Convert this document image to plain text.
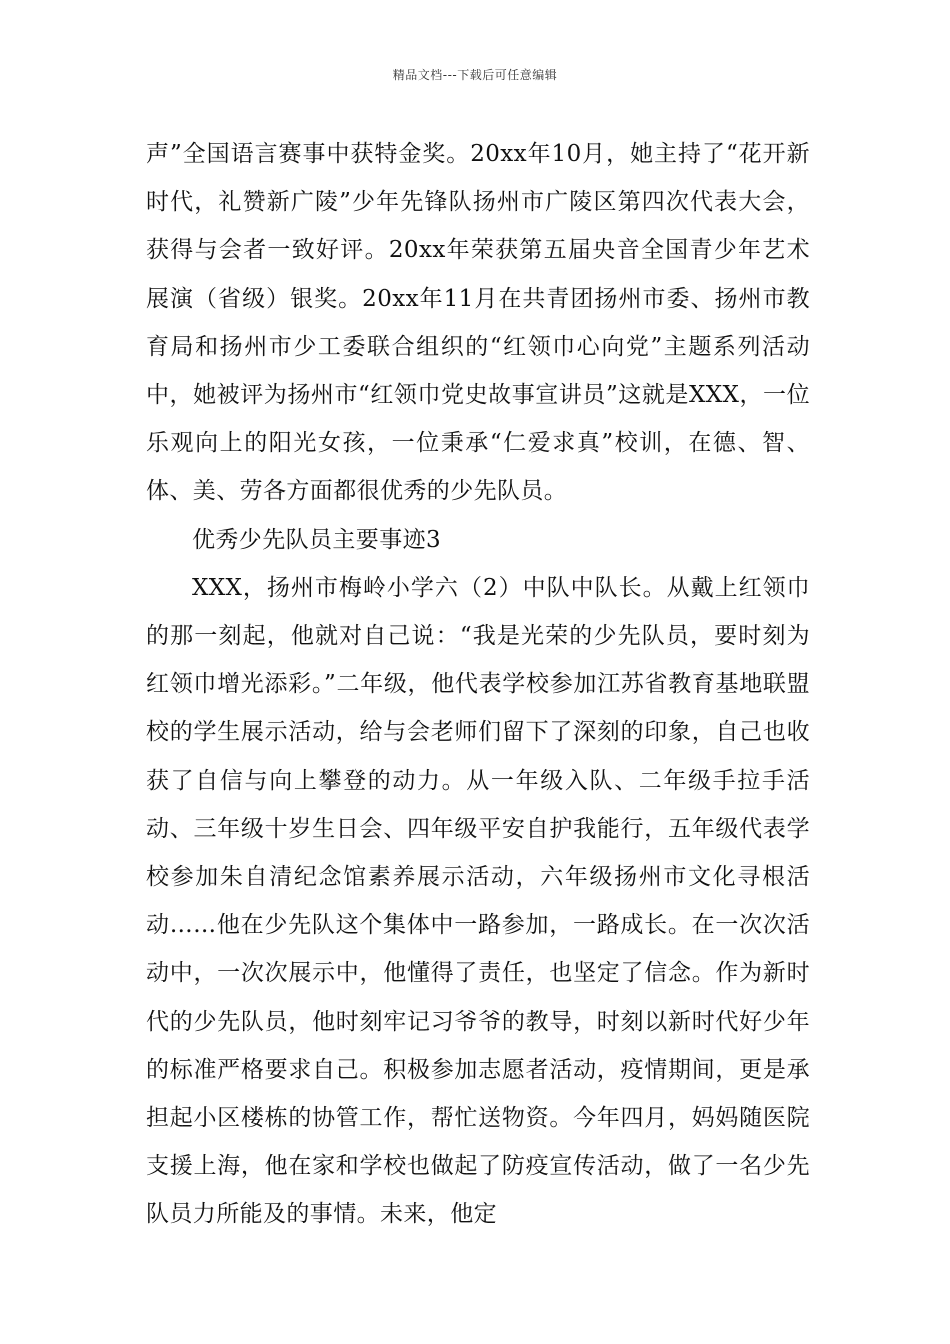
精品文档---下载后可任意编辑

声”全国语言赛事中获特金奖。20xx年10月，她主持了“花开新时代，礼赞新广陵”少年先锋队扬州市广陵区第四次代表大会，获得与会者一致好评。20xx年荣获第五届央音全国青少年艺术展演（省级）银奖。20xx年11月在共青团扬州市委、扬州市教育局和扬州市少工委联合组织的“红领巾心向党”主题系列活动中，她被评为扬州市“红领巾党史故事宣讲员”这就是XXX，一位乐观向上的阳光女孩，一位秉承“仁爱求真”校训，在德、智、体、美、劳各方面都很优秀的少先队员。

优秀少先队员主要事迹3

XXX，扬州市梅岭小学六（2）中队中队长。从戴上红领巾的那一刻起，他就对自己说：“我是光荣的少先队员，要时刻为红领巾增光添彩。”二年级，他代表学校参加江苏省教育基地联盟校的学生展示活动，给与会老师们留下了深刻的印象，自己也收获了自信与向上攀登的动力。从一年级入队、二年级手拉手活动、三年级十岁生日会、四年级平安自护我能行，五年级代表学校参加朱自清纪念馆素养展示活动，六年级扬州市文化寻根活动……他在少先队这个集体中一路参加，一路成长。在一次次活动中，一次次展示中，他懂得了责任，也坚定了信念。作为新时代的少先队员，他时刻牢记习爷爷的教导，时刻以新时代好少年的标准严格要求自己。积极参加志愿者活动，疫情期间，更是承担起小区楼栋的协管工作，帮忙送物资。今年四月，妈妈随医院支援上海，他在家和学校也做起了防疫宣传活动，做了一名少先队员力所能及的事情。未来，他定
